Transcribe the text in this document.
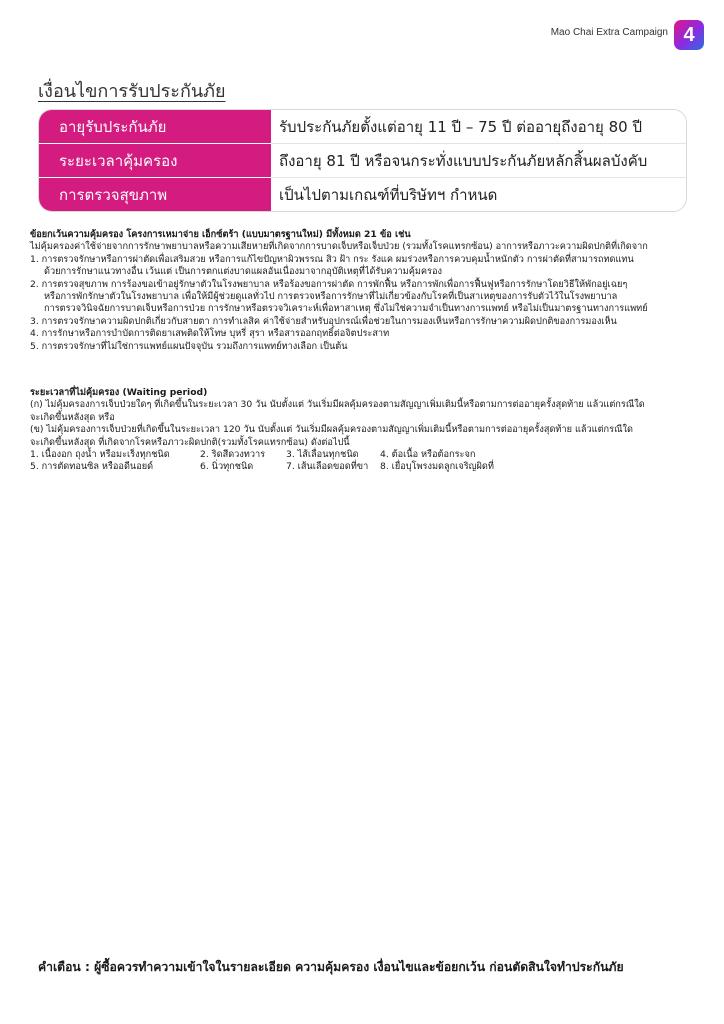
Mao Chai Extra Campaign 4
เงื่อนไขการรับประกันภัย
อายุรับประกันภัย	รับประกันภัยตั้งแต่อายุ 11 ปี – 75 ปี ต่ออายุถึงอายุ 80 ปี
ระยะเวลาคุ้มครอง	ถึงอายุ 81 ปี หรือจนกระทั่งแบบประกันภัยหลักสิ้นผลบังคับ
การตรวจสุขภาพ	เป็นไปตามเกณฑ์ที่บริษัทฯ กำหนด

ข้อยกเว้นความคุ้มครอง โครงการเหมาจ่าย เอ็กซ์ตร้า (แบบมาตรฐานใหม่) มีทั้งหมด 21 ข้อ เช่น

ไม่คุ้มครองค่าใช้จ่ายจากการรักษาพยาบาลหรือความเสียหายที่เกิดจากการบาดเจ็บหรือเจ็บป่วย (รวมทั้งโรคแทรกซ้อน) อาการหรือภาวะความผิดปกติที่เกิดจาก

1. การตรวจรักษาหรือการผ่าตัดเพื่อเสริมสวย หรือการแก้ไขปัญหาผิวพรรณ สิว ฝ้า กระ รังแค ผมร่วงหรือการควบคุมน้ำหนักตัว การผ่าตัดที่สามารถทดแทน

ด้วยการรักษาแนวทางอื่น เว้นแต่ เป็นการตกแต่งบาดแผลอันเนื่องมาจากอุบัติเหตุที่ได้รับความคุ้มครอง

2. การตรวจสุขภาพ การร้องขอเข้าอยู่รักษาตัวในโรงพยาบาล หรือร้องขอการผ่าตัด การพักฟื้น หรือการพักเพื่อการฟื้นฟูหรือการรักษาโดยวิธีให้พักอยู่เฉยๆ

หรือการพักรักษาตัวในโรงพยาบาล เพื่อให้มีผู้ช่วยดูแลทั่วไป การตรวจหรือการรักษาที่ไม่เกี่ยวข้องกับโรคที่เป็นสาเหตุของการรับตัวไว้ในโรงพยาบาล

การตรวจวินิจฉัยการบาดเจ็บหรือการป่วย การรักษาหรือตรวจวิเคราะห์เพื่อหาสาเหตุ ซึ่งไม่ใช่ความจำเป็นทางการแพทย์ หรือไม่เป็นมาตรฐานทางการแพทย์

3. การตรวจรักษาความผิดปกติเกี่ยวกับสายตา การทำเลสิค ค่าใช้จ่ายสำหรับอุปกรณ์เพื่อช่วยในการมองเห็นหรือการรักษาความผิดปกติของการมองเห็น

4. การรักษาหรือการบำบัดการติดยาเสพติดให้โทษ บุหรี่ สุรา หรือสารออกฤทธิ์ต่อจิตประสาท

5. การตรวจรักษาที่ไม่ใช่การแพทย์แผนปัจจุบัน รวมถึงการแพทย์ทางเลือก เป็นต้น

ระยะเวลาที่ไม่คุ้มครอง (Waiting period)

(ก) ไม่คุ้มครองการเจ็บป่วยใดๆ ที่เกิดขึ้นในระยะเวลา 30 วัน นับตั้งแต่ วันเริ่มมีผลคุ้มครองตามสัญญาเพิ่มเติมนี้หรือตามการต่ออายุครั้งสุดท้าย แล้วแต่กรณีใด

จะเกิดขึ้นหลังสุด หรือ

(ข) ไม่คุ้มครองการเจ็บป่วยที่เกิดขึ้นในระยะเวลา 120 วัน นับตั้งแต่ วันเริ่มมีผลคุ้มครองตามสัญญาเพิ่มเติมนี้หรือตามการต่ออายุครั้งสุดท้าย แล้วแต่กรณีใด

จะเกิดขึ้นหลังสุด ที่เกิดจากโรคหรือภาวะผิดปกติ(รวมทั้งโรคแทรกซ้อน) ดังต่อไปนี้

1. เนื้องอก ถุงน้ำ หรือมะเร็งทุกชนิด	2. ริดสีดวงทวาร	3. ไส้เลื่อนทุกชนิด	4. ต้อเนื้อ หรือต้อกระจก

5. การตัดทอนซิล หรืออดีนอยด์	6. นิ่วทุกชนิด	7. เส้นเลือดขอดที่ขา	8. เยื่อบุโพรงมดลูกเจริญผิดที่

คำเตือน : ผู้ซื้อควรทำความเข้าใจในรายละเอียด ความคุ้มครอง เงื่อนไขและข้อยกเว้น ก่อนตัดสินใจทำประกันภัย
